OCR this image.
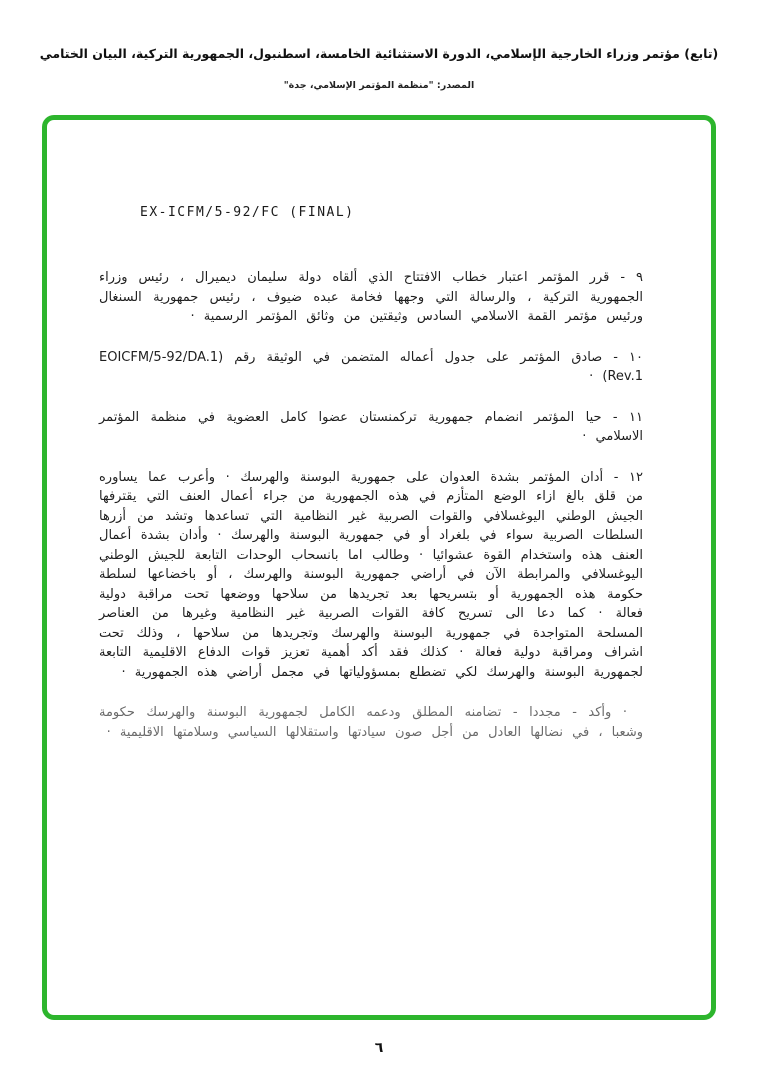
(تابع) مؤتمر وزراء الخارجية الإسلامي، الدورة الاستثنائية الخامسة، اسطنبول، الجمهورية التركية، البيان الختامي
المصدر: "منظمة المؤتمر الإسلامي، جدة"
EX-ICFM/5-92/FC (FINAL)

٩ - قرر المؤتمر اعتبار خطاب الافتتاح الذي ألقاه دولة سليمان ديميرال ، رئيس وزراء الجمهورية التركية ، والرسالة التي وجهها فخامة عبده ضيوف ، رئيس جمهورية السنغال ورئيس مؤتمر القمة الاسلامي السادس وثيقتين من وثائق المؤتمر الرسمية ·

١٠ - صادق المؤتمر على جدول أعماله المتضمن في الوثيقة رقم (EOICFM/5-92/DA.1 Rev.1) ·

١١ - حيا المؤتمر انضمام جمهورية تركمنستان عضوا كامل العضوية في منظمة المؤتمر الاسلامي ·

١٢ - أدان المؤتمر بشدة العدوان على جمهورية البوسنة والهرسك · وأعرب عما يساوره من قلق بالغ ازاء الوضع المتأزم في هذه الجمهورية من جراء أعمال العنف التي يقترفها الجيش الوطني اليوغسلافي والقوات الصربية غير النظامية التي تساعدها وتشد من أزرها السلطات الصربية سواء في بلغراد أو في جمهورية البوسنة والهرسك · وأدان بشدة أعمال العنف هذه واستخدام القوة عشوائيا · وطالب اما بانسحاب الوحدات التابعة للجيش الوطني اليوغسلافي والمرابطة الآن في أراضي جمهورية البوسنة والهرسك ، أو باخضاعها لسلطة حكومة هذه الجمهورية أو بتسريحها بعد تجريدها من سلاحها ووضعها تحت مراقبة دولية فعالة · كما دعا الى تسريح كافة القوات الصربية غير النظامية وغيرها من العناصر المسلحة المتواجدة في جمهورية البوسنة والهرسك وتجريدها من سلاحها ، وذلك تحت اشراف ومراقبة دولية فعالة · كذلك فقد أكد أهمية تعزيز قوات الدفاع الاقليمية التابعة لجمهورية البوسنة والهرسك لكي تضطلع بمسؤولياتها في مجمل أراضي هذه الجمهورية ·

· وأكد - مجددا - تضامنه المطلق ودعمه الكامل لجمهورية البوسنة والهرسك حكومة وشعبا ، في نضالها العادل من أجل صون سيادتها واستقلالها السياسي وسلامتها الاقليمية ·

٦
